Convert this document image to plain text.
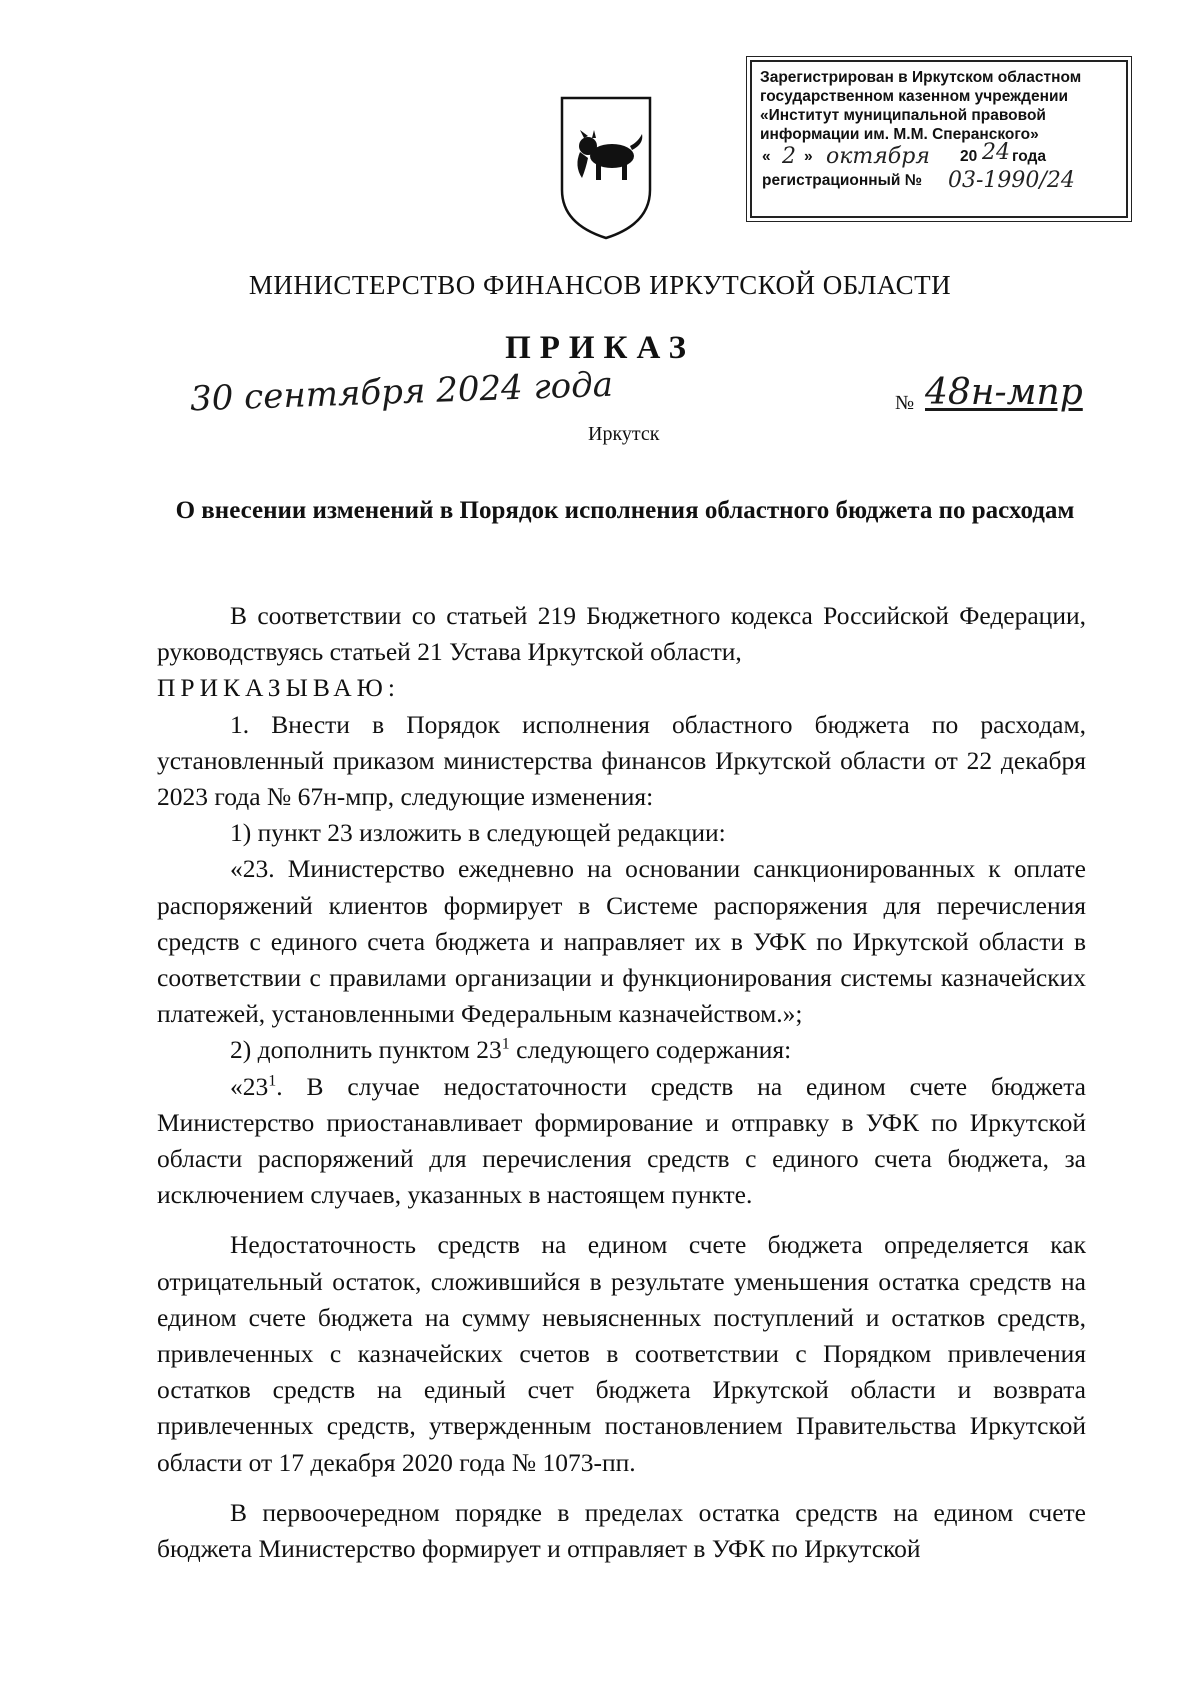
Зарегистрирован в Иркутском областном
государственном казенном учреждении
«Институт муниципальной правовой
информации им. М.М. Сперанского»
« 2 » октября 20 24 года
регистрационный № 03-1990/24
МИНИСТЕРСТВО ФИНАНСОВ ИРКУТСКОЙ ОБЛАСТИ
ПРИКАЗ
30 сентября 2024 года	№ 48н-мпр
Иркутск
О внесении изменений в Порядок исполнения областного бюджета по расходам

В соответствии со статьей 219 Бюджетного кодекса Российской Федерации, руководствуясь статьей 21 Устава Иркутской области,

ПРИКАЗЫВАЮ:

1. Внести в Порядок исполнения областного бюджета по расходам, установленный приказом министерства финансов Иркутской области от 22 декабря 2023 года № 67н-мпр, следующие изменения:

1) пункт 23 изложить в следующей редакции:

«23. Министерство ежедневно на основании санкционированных к оплате распоряжений клиентов формирует в Системе распоряжения для перечисления средств с единого счета бюджета и направляет их в УФК по Иркутской области в соответствии с правилами организации и функционирования системы казначейских платежей, установленными Федеральным казначейством.»;

2) дополнить пунктом $23^1$ следующего содержания:

«$23^1$. В случае недостаточности средств на едином счете бюджета Министерство приостанавливает формирование и отправку в УФК по Иркутской области распоряжений для перечисления средств с единого счета бюджета, за исключением случаев, указанных в настоящем пункте.

Недостаточность средств на едином счете бюджета определяется как отрицательный остаток, сложившийся в результате уменьшения остатка средств на едином счете бюджета на сумму невыясненных поступлений и остатков средств, привлеченных с казначейских счетов в соответствии с Порядком привлечения остатков средств на единый счет бюджета Иркутской области и возврата привлеченных средств, утвержденным постановлением Правительства Иркутской области от 17 декабря 2020 года № 1073-пп.

В первоочередном порядке в пределах остатка средств на едином счете бюджета Министерство формирует и отправляет в УФК по Иркутской
